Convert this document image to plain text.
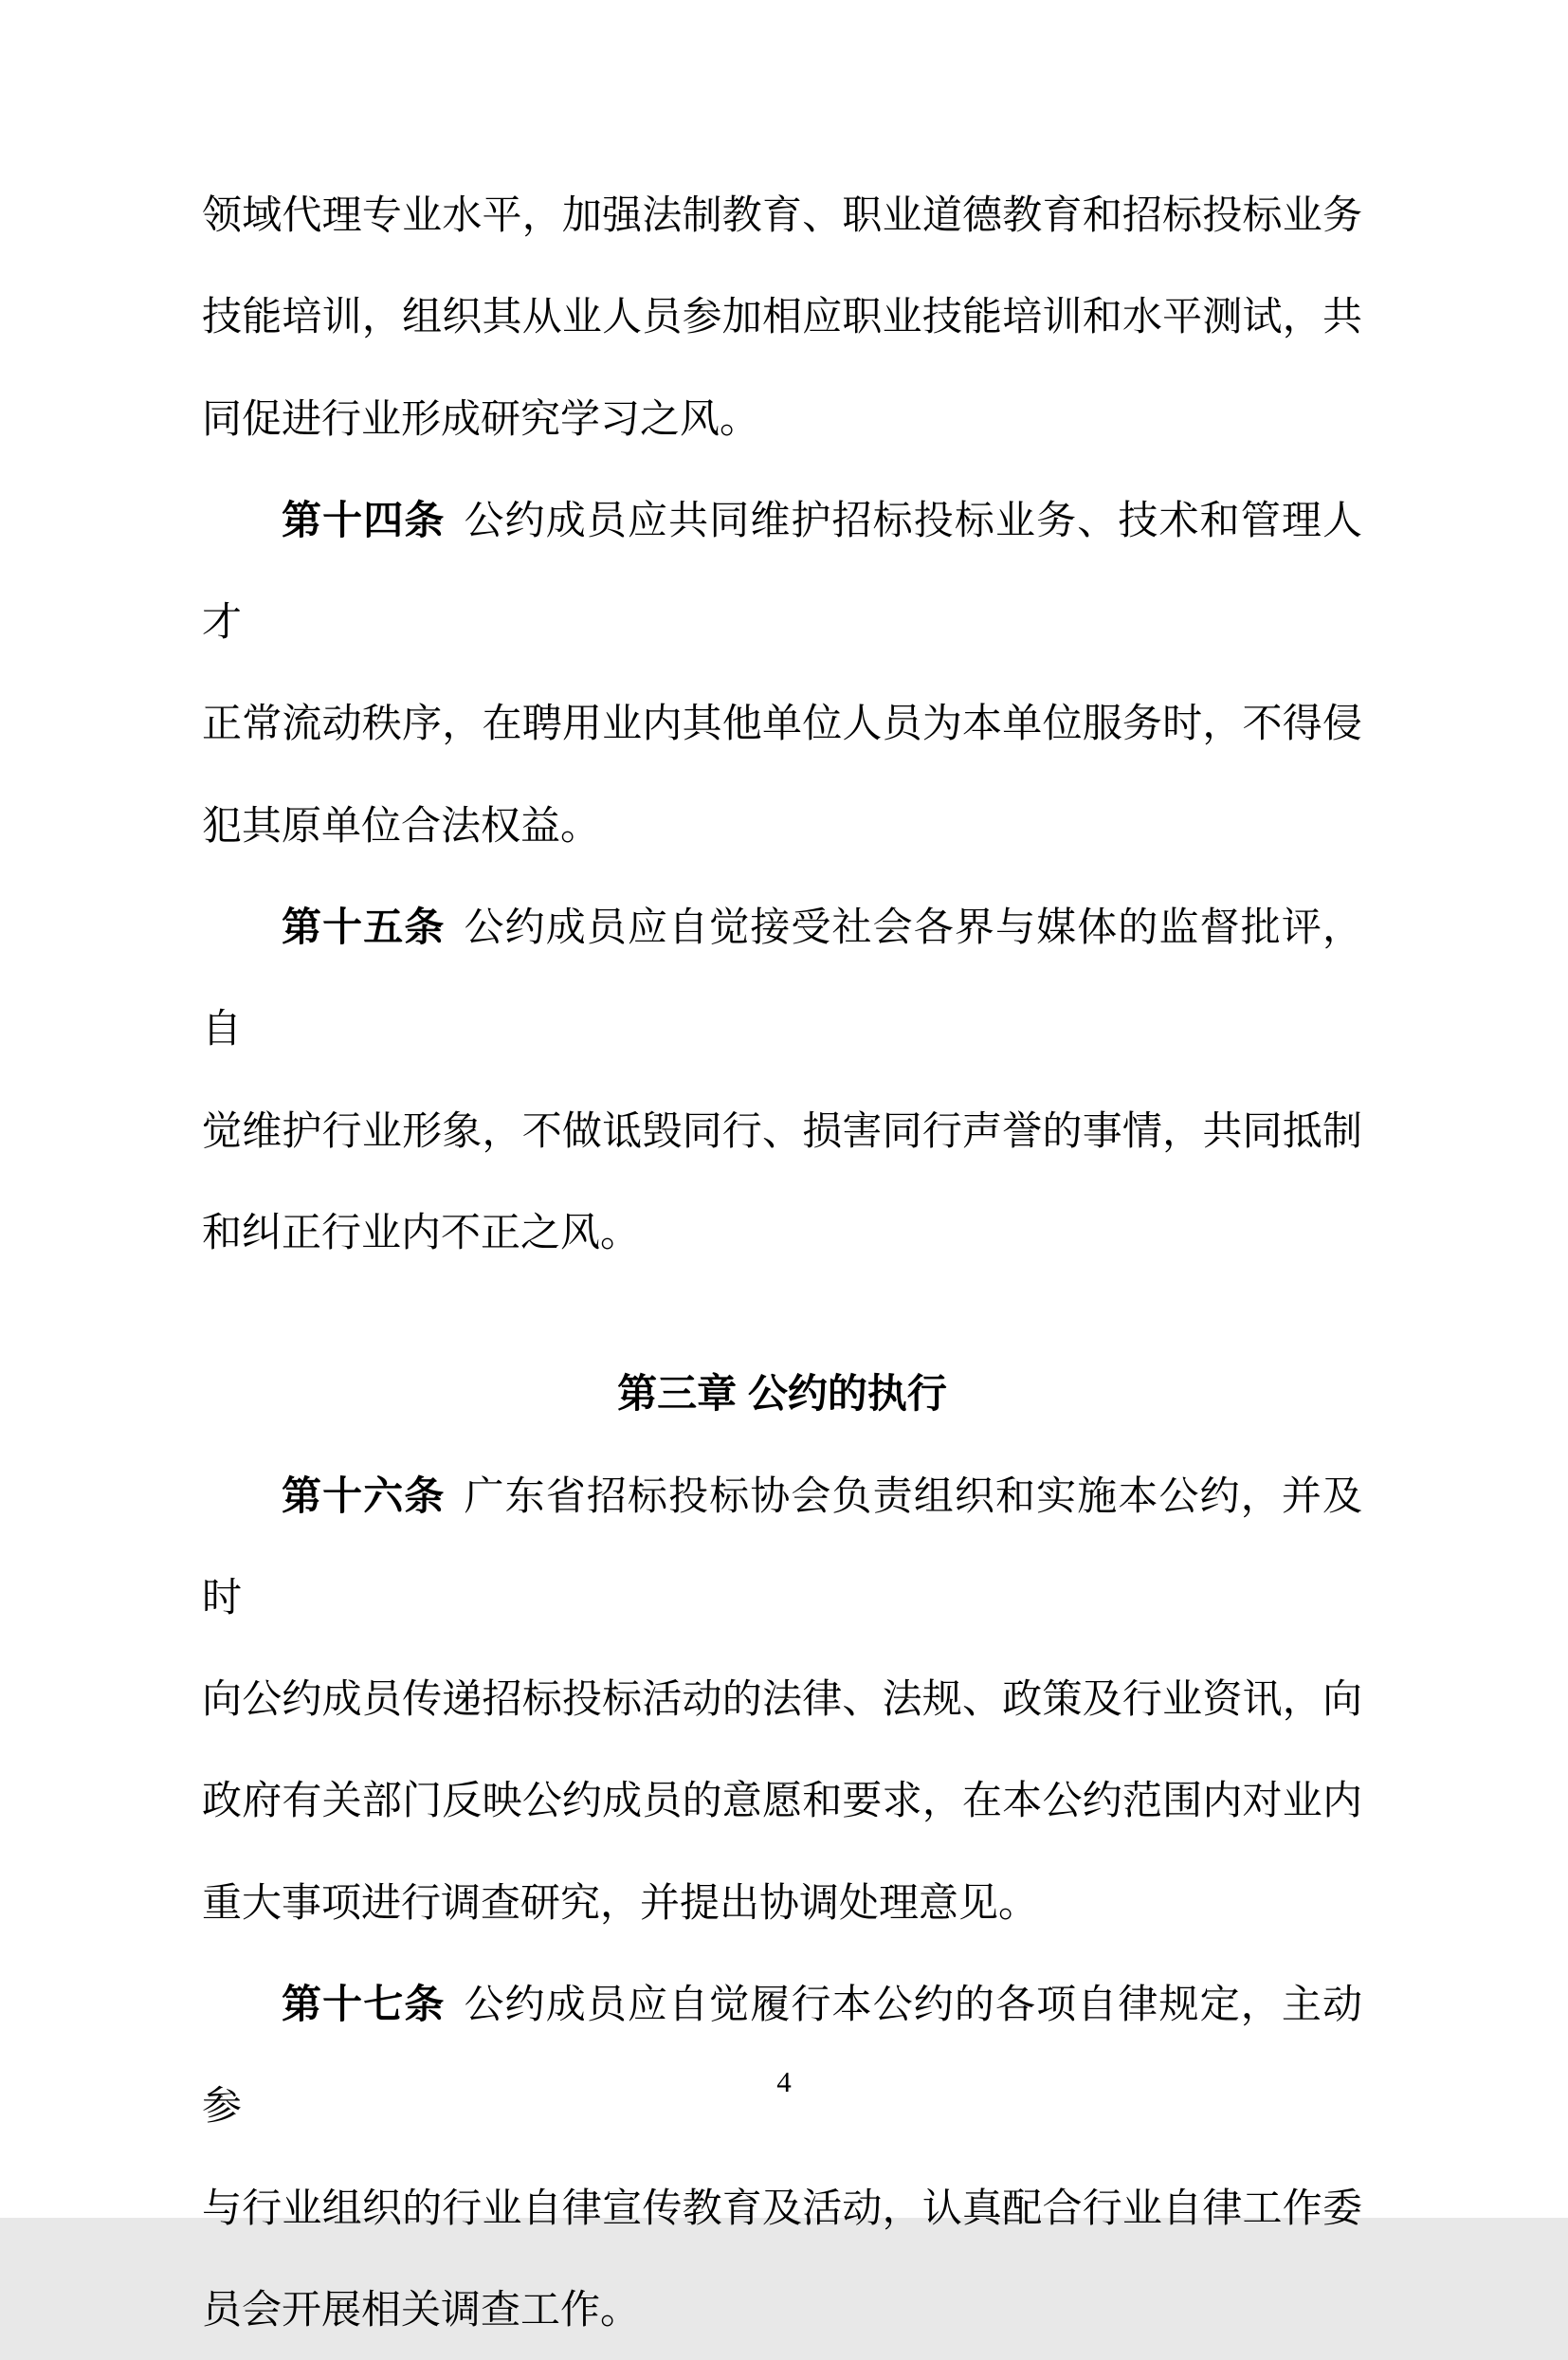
领域代理专业水平，加强法制教育、职业道德教育和招标投标业务
技能培训，组织其从业人员参加相应职业技能培训和水平测试，共
同促进行业形成研究学习之风。
第十四条 公约成员应共同维护招标投标业务、技术和管理人才
正常流动秩序，在聘用业内其他单位人员为本单位服务时，不得侵
犯其原单位合法权益。
第十五条 公约成员应自觉接受社会各界与媒体的监督批评，自
觉维护行业形象，不做诋毁同行、损害同行声誉的事情，共同抵制
和纠正行业内不正之风。
第三章 公约的执行
第十六条 广东省招标投标协会负责组织和实施本公约，并及时
向公约成员传递招标投标活动的法律、法规、政策及行业资讯，向
政府有关部门反映公约成员的意愿和要求，在本公约范围内对业内
重大事项进行调查研究，并提出协调处理意见。
第十七条 公约成员应自觉履行本公约的各项自律规定，主动参
与行业组织的行业自律宣传教育及活动，认真配合行业自律工作委
员会开展相关调查工作。
4
